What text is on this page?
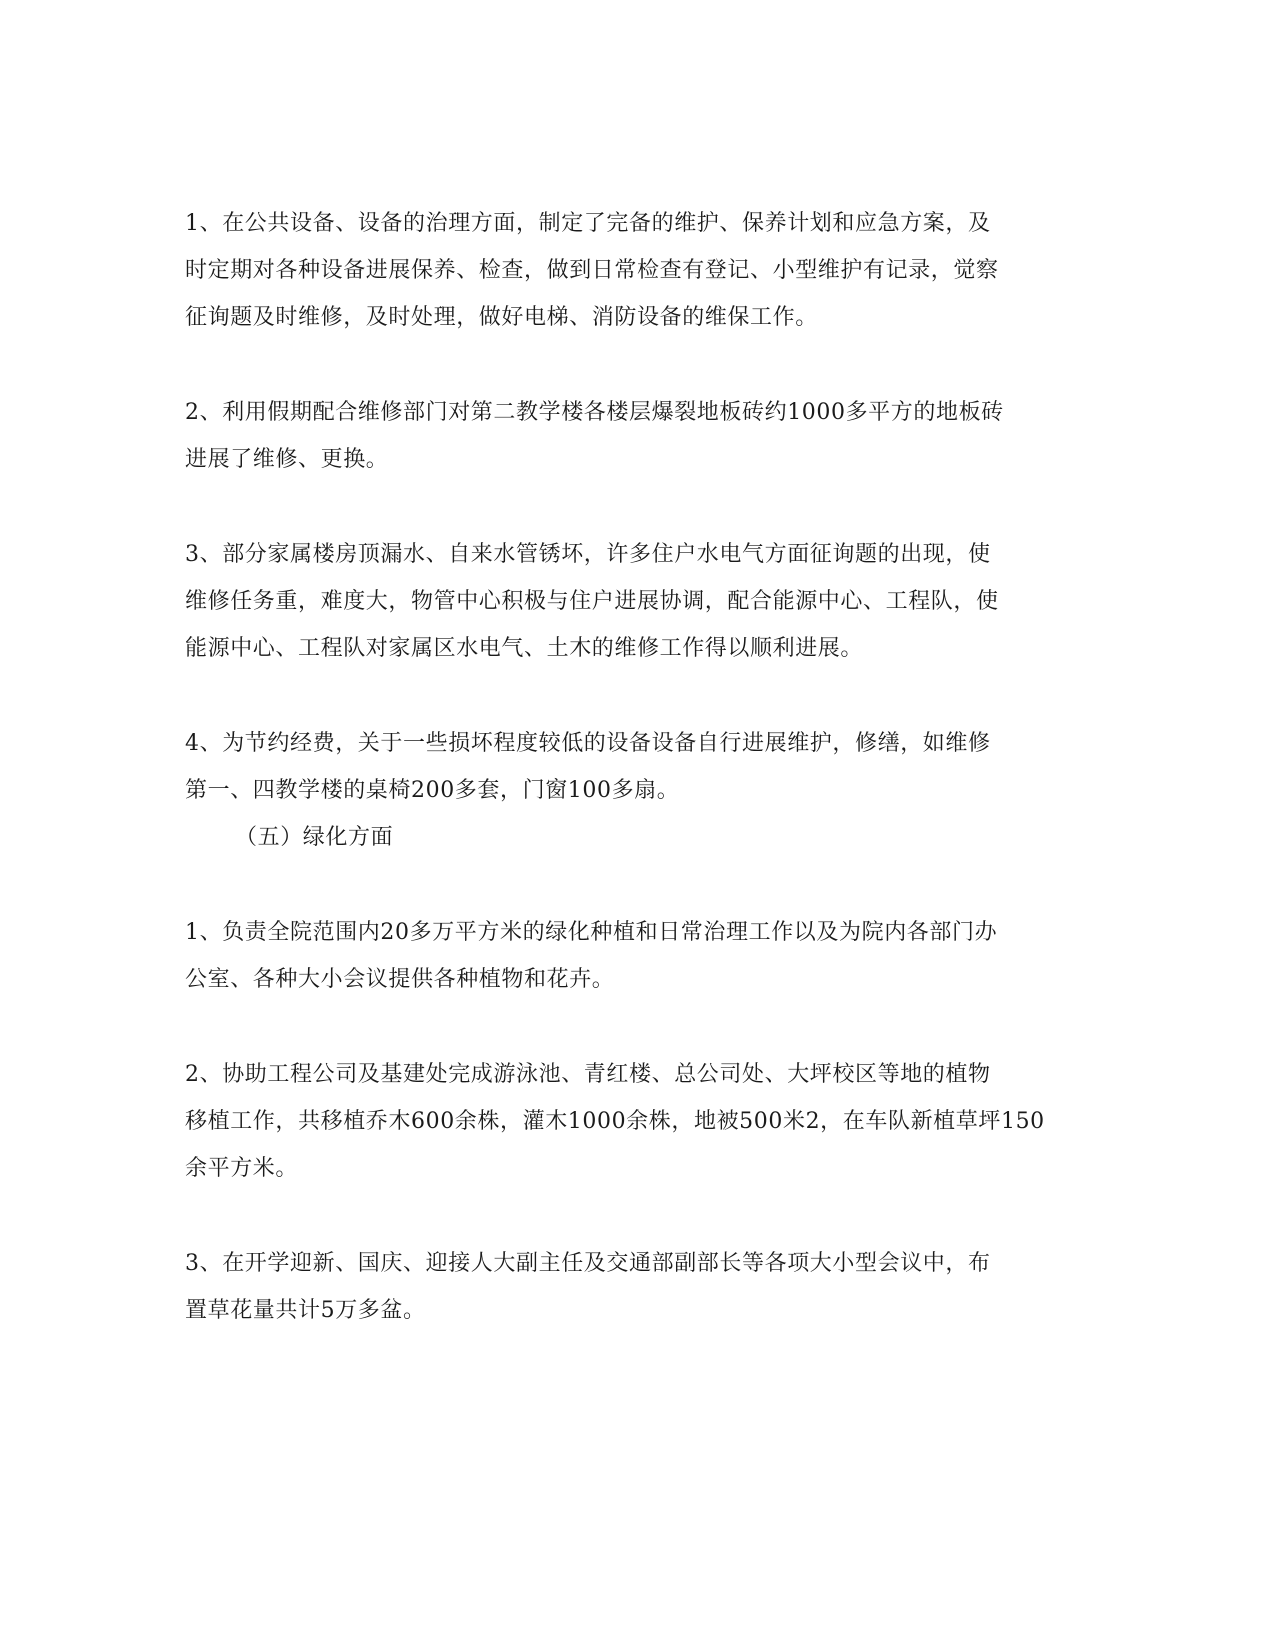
1、在公共设备、设备的治理方面，制定了完备的维护、保养计划和应急方案，及
时定期对各种设备进展保养、检查，做到日常检查有登记、小型维护有记录，觉察
征询题及时维修，及时处理，做好电梯、消防设备的维保工作。
2、利用假期配合维修部门对第二教学楼各楼层爆裂地板砖约1000多平方的地板砖
进展了维修、更换。
3、部分家属楼房顶漏水、自来水管锈坏，许多住户水电气方面征询题的出现，使
维修任务重，难度大，物管中心积极与住户进展协调，配合能源中心、工程队，使
能源中心、工程队对家属区水电气、土木的维修工作得以顺利进展。
4、为节约经费，关于一些损坏程度较低的设备设备自行进展维护，修缮，如维修
第一、四教学楼的桌椅200多套，门窗100多扇。
（五）绿化方面
1、负责全院范围内20多万平方米的绿化种植和日常治理工作以及为院内各部门办
公室、各种大小会议提供各种植物和花卉。
2、协助工程公司及基建处完成游泳池、青红楼、总公司处、大坪校区等地的植物
移植工作，共移植乔木600余株，灌木1000余株，地被500米2，在车队新植草坪150
余平方米。
3、在开学迎新、国庆、迎接人大副主任及交通部副部长等各项大小型会议中，布
置草花量共计5万多盆。
